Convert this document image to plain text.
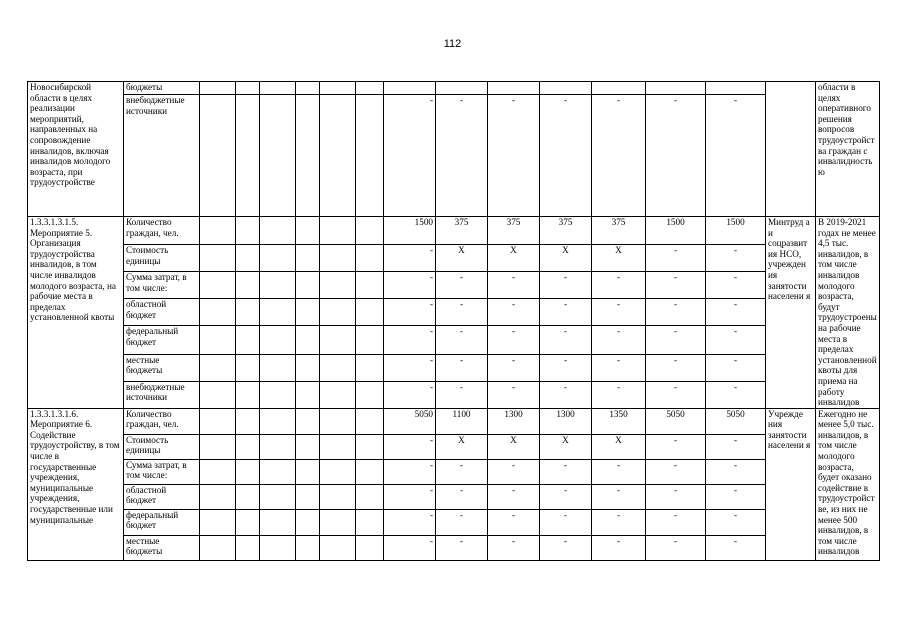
112
Новосибирской области в целях реализации мероприятий, направленных на сопровождение инвалидов, включая инвалидов молодого возраста, при трудоустройстве	бюджеты															области в целях оперативного решения вопросов трудоустройства граждан с инвалидностью

	внебюджетные источники							-	-	-	-	-	-	-		
1.3.3.1.3.1.5. Мероприятие 5. Организация трудоустройства инвалидов, в том числе инвалидов молодого возраста, на рабочие места в пределах установленной квоты	Количество граждан, чел.							1500	375	375	375	375	1500	1500	Минтруд а и соцразвит ия НСО, учрежден ия занятости населени я	В 2019-2021 годах не менее 4,5 тыс. инвалидов, в том числе инвалидов молодого возраста, будут трудоустроены на рабочие места в пределах установленной квоты для приема на работу инвалидов
	Стоимость единицы							-	Х	Х	Х	Х	-	-		
	Сумма затрат, в том числе:							-	-	-	-	-	-	-		
	областной бюджет							-	-	-	-	-	-	-		
	федеральный бюджет							-	-	-	-	-	-	-		
	местные бюджеты							-	-	-	-	-	-	-		
	внебюджетные источники							-	-	-	-	-	-	-		
1.3.3.1.3.1.6. Мероприятие 6. Содействие трудоустройству, в том числе в государственные учреждения, муниципальные учреждения, государственные или муниципальные	Количество граждан, чел.							5050	1100	1300	1300	1350	5050	5050	Учрежде ния занятости населени я	Ежегодно не менее 5,0 тыс. инвалидов, в том числе молодого возраста, будет оказано содействие в трудоустройстве, из них не менее 500 инвалидов, в том числе инвалидов
	Стоимость единицы							-	Х	Х	Х	Х	-	-		
	Сумма затрат, в том числе:							-	-	-	-	-	-	-		
	областной бюджет							-	-	-	-	-	-	-		
	федеральный бюджет							-	-	-	-	-	-	-		
	местные бюджеты							-	-	-	-	-	-	-		
